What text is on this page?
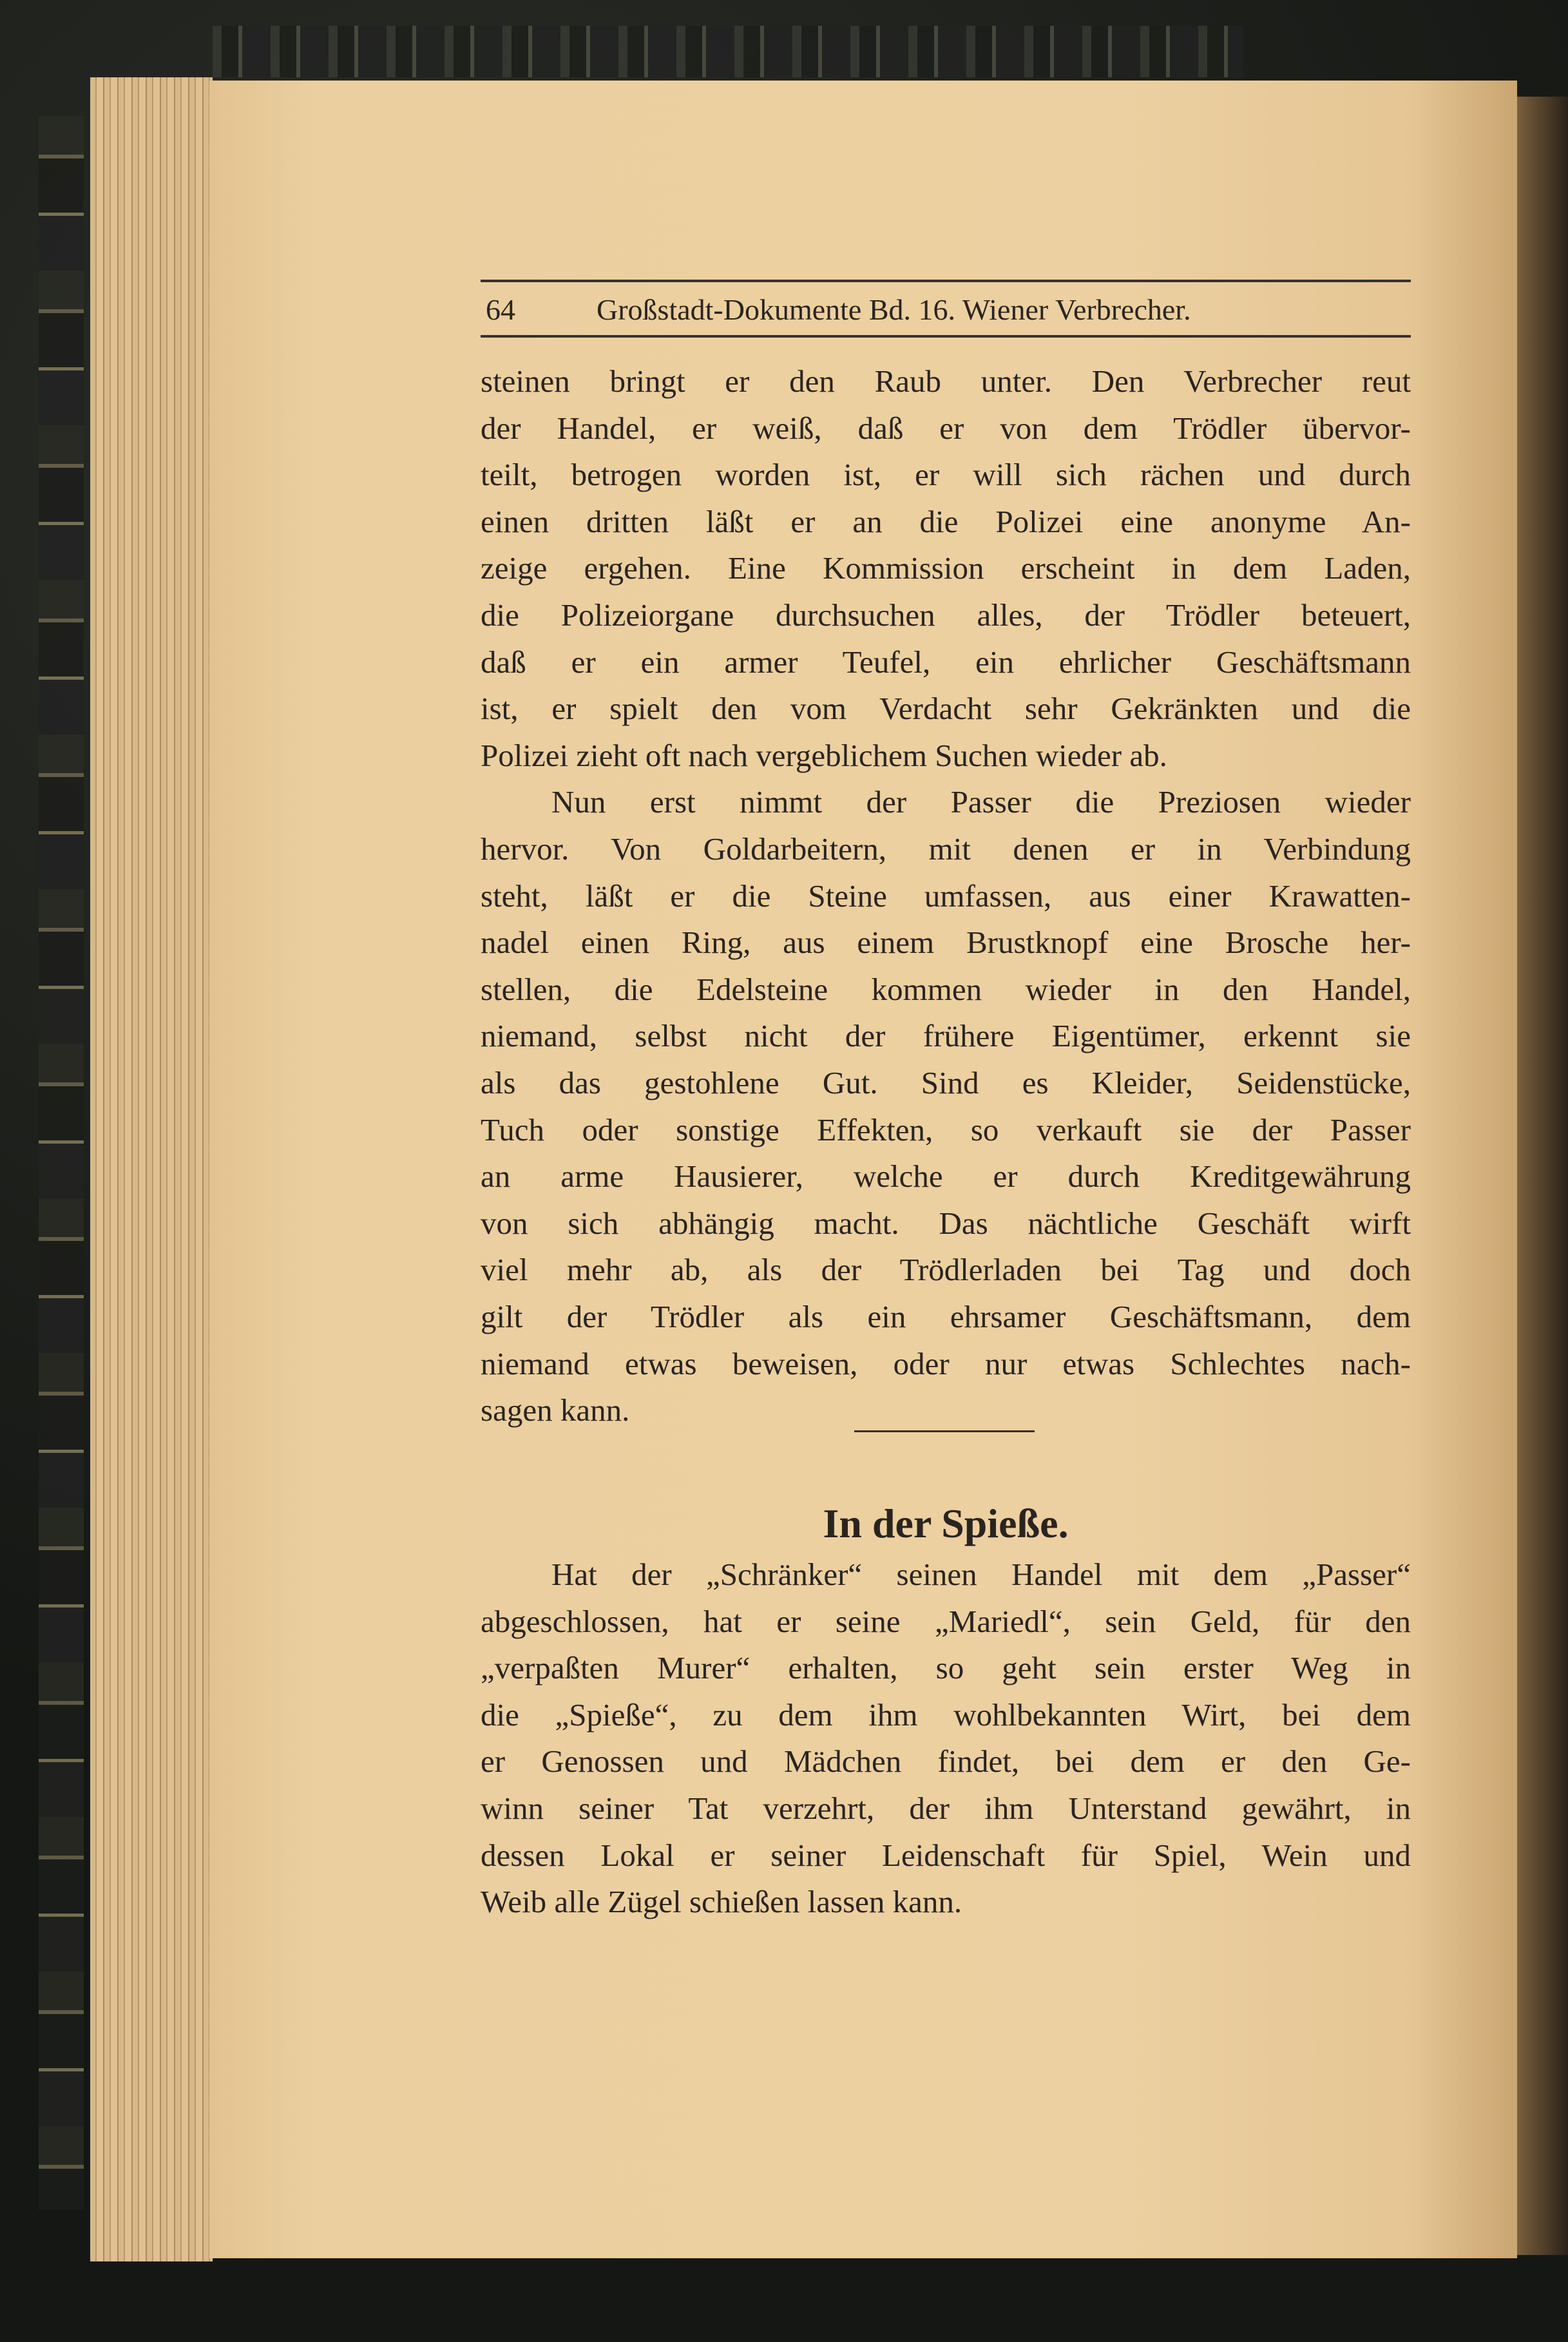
64	Großstadt-Dokumente Bd. 16. Wiener Verbrecher.
steinen bringt er den Raub unter. Den Verbrecher reut
der Handel, er weiß, daß er von dem Trödler übervor-
teilt, betrogen worden ist, er will sich rächen und durch
einen dritten läßt er an die Polizei eine anonyme An-
zeige ergehen. Eine Kommission erscheint in dem Laden,
die Polizeiorgane durchsuchen alles, der Trödler beteuert,
daß er ein armer Teufel, ein ehrlicher Geschäftsmann
ist, er spielt den vom Verdacht sehr Gekränkten und die
Polizei zieht oft nach vergeblichem Suchen wieder ab.
Nun erst nimmt der Passer die Preziosen wieder
hervor. Von Goldarbeitern, mit denen er in Verbindung
steht, läßt er die Steine umfassen, aus einer Krawatten-
nadel einen Ring, aus einem Brustknopf eine Brosche her-
stellen, die Edelsteine kommen wieder in den Handel,
niemand, selbst nicht der frühere Eigentümer, erkennt sie
als das gestohlene Gut. Sind es Kleider, Seidenstücke,
Tuch oder sonstige Effekten, so verkauft sie der Passer
an arme Hausierer, welche er durch Kreditgewährung
von sich abhängig macht. Das nächtliche Geschäft wirft
viel mehr ab, als der Trödlerladen bei Tag und doch
gilt der Trödler als ein ehrsamer Geschäftsmann, dem
niemand etwas beweisen, oder nur etwas Schlechtes nach-
sagen kann.
In der Spieße.
Hat der „Schränker“ seinen Handel mit dem „Passer“
abgeschlossen, hat er seine „Mariedl“, sein Geld, für den
„verpaßten Murer“ erhalten, so geht sein erster Weg in
die „Spieße“, zu dem ihm wohlbekannten Wirt, bei dem
er Genossen und Mädchen findet, bei dem er den Ge-
winn seiner Tat verzehrt, der ihm Unterstand gewährt, in
dessen Lokal er seiner Leidenschaft für Spiel, Wein und
Weib alle Zügel schießen lassen kann.
